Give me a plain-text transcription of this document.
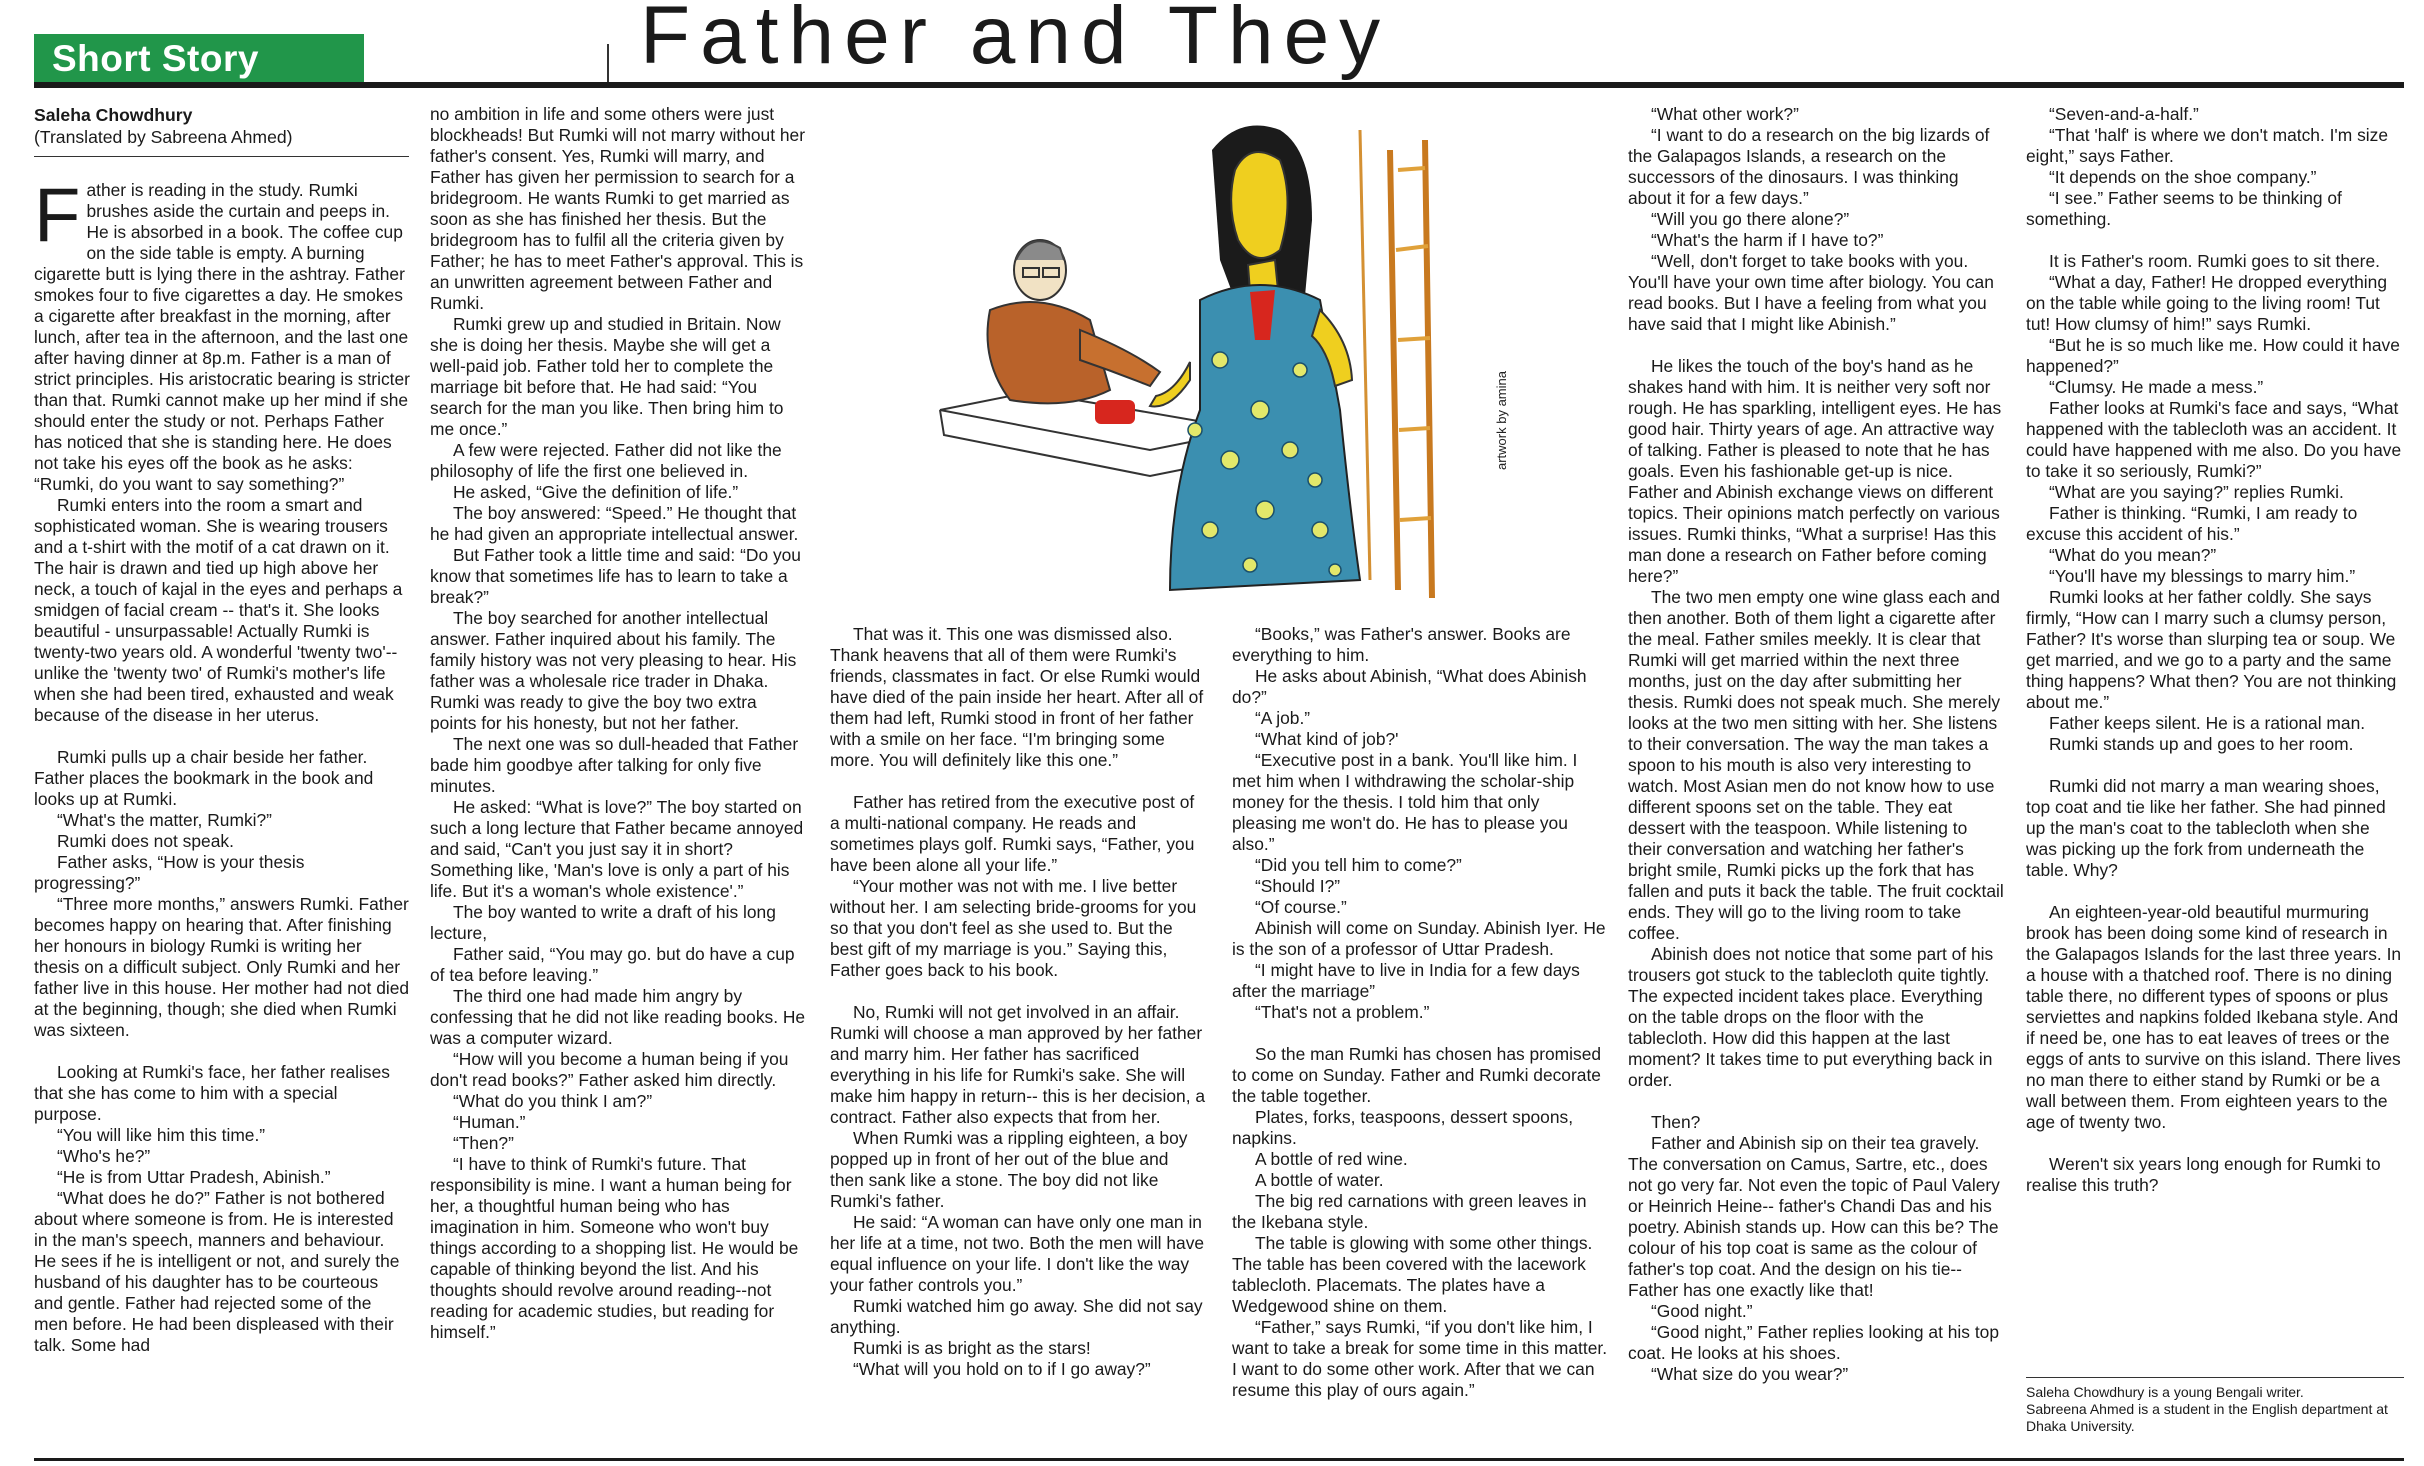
Short Story	Father and They
Saleha Chowdhury
(Translated by Sabreena Ahmed)
F ather is reading in the study. Rumki brushes aside the curtain and peeps in. He is absorbed in a book. The coffee cup on the side table is empty. A burning cigarette butt is lying there in the ashtray. Father smokes four to five cigarettes a day. He smokes a cigarette after breakfast in the morning, after lunch, after tea in the afternoon, and the last one after having dinner at 8p.m. Father is a man of strict principles. His aristocratic bearing is stricter than that. Rumki cannot make up her mind if she should enter the study or not. Perhaps Father has noticed that she is standing here. He does not take his eyes off the book as he asks: “Rumki, do you want to say something?”

Rumki enters into the room a smart and sophisticated woman. She is wearing trousers and a t-shirt with the motif of a cat drawn on it. The hair is drawn and tied up high above her neck, a touch of kajal in the eyes and perhaps a smidgen of facial cream -- that's it. She looks beautiful - unsurpassable! Actually Rumki is twenty-two years old. A wonderful 'twenty two'-- unlike the 'twenty two' of Rumki's mother's life when she had been tired, exhausted and weak because of the disease in her uterus.

Rumki pulls up a chair beside her father. Father places the bookmark in the book and looks up at Rumki.

“What's the matter, Rumki?”

Rumki does not speak.

Father asks, “How is your thesis progressing?”

“Three more months,” answers Rumki. Father becomes happy on hearing that. After finishing her honours in biology Rumki is writing her thesis on a difficult subject. Only Rumki and her father live in this house. Her mother had not died at the beginning, though; she died when Rumki was sixteen.

Looking at Rumki's face, her father realises that she has come to him with a special purpose.

“You will like him this time.”

“Who's he?”

“He is from Uttar Pradesh, Abinish.”

“What does he do?” Father is not bothered about where someone is from. He is interested in the man's speech, manners and behaviour. He sees if he is intelligent or not, and surely the husband of his daughter has to be courteous and gentle. Father had rejected some of the men before. He had been displeased with their talk. Some had

no ambition in life and some others were just blockheads! But Rumki will not marry without her father's consent. Yes, Rumki will marry, and Father has given her permission to search for a bridegroom. He wants Rumki to get married as soon as she has finished her thesis. But the bridegroom has to fulfil all the criteria given by Father; he has to meet Father's approval. This is an unwritten agreement between Father and Rumki.

Rumki grew up and studied in Britain. Now she is doing her thesis. Maybe she will get a well-paid job. Father told her to complete the marriage bit before that. He had said: “You search for the man you like. Then bring him to me once.”

A few were rejected. Father did not like the philosophy of life the first one believed in.

He asked, “Give the definition of life.”

The boy answered: “Speed.” He thought that he had given an appropriate intellectual answer.

But Father took a little time and said: “Do you know that sometimes life has to learn to take a break?”

The boy searched for another intellectual answer. Father inquired about his family. The family history was not very pleasing to hear. His father was a wholesale rice trader in Dhaka. Rumki was ready to give the boy two extra points for his honesty, but not her father.

The next one was so dull-headed that Father bade him goodbye after talking for only five minutes.

He asked: “What is love?” The boy started on such a long lecture that Father became annoyed and said, “Can't you just say it in short? Something like, 'Man's love is only a part of his life. But it's a woman's whole existence'.”

The boy wanted to write a draft of his long lecture,

Father said, “You may go. but do have a cup of tea before leaving.”

The third one had made him angry by confessing that he did not like reading books. He was a computer wizard.

“How will you become a human being if you don't read books?” Father asked him directly.

“What do you think I am?”

“Human.”

“Then?”

“I have to think of Rumki's future. That responsibility is mine. I want a human being for her, a thoughtful human being who has imagination in him. Someone who won't buy things according to a shopping list. He would be capable of thinking beyond the list. And his thoughts should revolve around reading--not reading for academic studies, but reading for himself.”

That was it. This one was dismissed also. Thank heavens that all of them were Rumki's friends, classmates in fact. Or else Rumki would have died of the pain inside her heart. After all of them had left, Rumki stood in front of her father with a smile on her face. “I'm bringing some more. You will definitely like this one.”

Father has retired from the executive post of a multi-national company. He reads and sometimes plays golf. Rumki says, “Father, you have been alone all your life.”

“Your mother was not with me. I live better without her. I am selecting bride-grooms for you so that you don't feel as she used to. But the best gift of my marriage is you.” Saying this, Father goes back to his book.

No, Rumki will not get involved in an affair. Rumki will choose a man approved by her father and marry him. Her father has sacrificed everything in his life for Rumki's sake. She will make him happy in return-- this is her decision, a contract. Father also expects that from her.

When Rumki was a rippling eighteen, a boy popped up in front of her out of the blue and then sank like a stone. The boy did not like Rumki's father.

He said: “A woman can have only one man in her life at a time, not two. Both the men will have equal influence on your life. I don't like the way your father controls you.”

Rumki watched him go away. She did not say anything.

Rumki is as bright as the stars!

“What will you hold on to if I go away?”

“Books,” was Father's answer. Books are everything to him.

He asks about Abinish, “What does Abinish do?”

“A job.”

“What kind of job?'

“Executive post in a bank. You'll like him. I met him when I withdrawing the scholar-ship money for the thesis. I told him that only pleasing me won't do. He has to please you also.”

“Did you tell him to come?”

“Should I?”

“Of course.”

Abinish will come on Sunday. Abinish Iyer. He is the son of a professor of Uttar Pradesh.

“I might have to live in India for a few days after the marriage”

“That's not a problem.”

So the man Rumki has chosen has promised to come on Sunday. Father and Rumki decorate the table together.

Plates, forks, teaspoons, dessert spoons, napkins.

A bottle of red wine.

A bottle of water.

The big red carnations with green leaves in the Ikebana style.

The table is glowing with some other things. The table has been covered with the lacework tablecloth. Placemats. The plates have a Wedgewood shine on them.

“Father,” says Rumki, “if you don't like him, I want to take a break for some time in this matter. I want to do some other work. After that we can resume this play of ours again.”

“What other work?”

“I want to do a research on the big lizards of the Galapagos Islands, a research on the successors of the dinosaurs. I was thinking about it for a few days.”

“Will you go there alone?”

“What's the harm if I have to?”

“Well, don't forget to take books with you. You'll have your own time after biology. You can read books. But I have a feeling from what you have said that I might like Abinish.”

He likes the touch of the boy's hand as he shakes hand with him. It is neither very soft nor rough. He has sparkling, intelligent eyes. He has good hair. Thirty years of age. An attractive way of talking. Father is pleased to note that he has goals. Even his fashionable get-up is nice. Father and Abinish exchange views on different topics. Their opinions match perfectly on various issues. Rumki thinks, “What a surprise! Has this man done a research on Father before coming here?”

The two men empty one wine glass each and then another. Both of them light a cigarette after the meal. Father smiles meekly. It is clear that Rumki will get married within the next three months, just on the day after submitting her thesis. Rumki does not speak much. She merely looks at the two men sitting with her. She listens to their conversation. The way the man takes a spoon to his mouth is also very interesting to watch. Most Asian men do not know how to use different spoons set on the table. They eat dessert with the teaspoon. While listening to their conversation and watching her father's bright smile, Rumki picks up the fork that has fallen and puts it back the table. The fruit cocktail ends. They will go to the living room to take coffee.

Abinish does not notice that some part of his trousers got stuck to the tablecloth quite tightly. The expected incident takes place. Everything on the table drops on the floor with the tablecloth. How did this happen at the last moment? It takes time to put everything back in order.

Then?

Father and Abinish sip on their tea gravely. The conversation on Camus, Sartre, etc., does not go very far. Not even the topic of Paul Valery or Heinrich Heine-- father's Chandi Das and his poetry. Abinish stands up. How can this be? The colour of his top coat is same as the colour of father's top coat. And the design on his tie--Father has one exactly like that!

“Good night.”

“Good night,” Father replies looking at his top coat. He looks at his shoes.

“What size do you wear?”

“Seven-and-a-half.”

“That 'half' is where we don't match. I'm size eight,” says Father.

“It depends on the shoe company.”

“I see.” Father seems to be thinking of something.

It is Father's room. Rumki goes to sit there.

“What a day, Father! He dropped everything on the table while going to the living room! Tut tut! How clumsy of him!” says Rumki.

“But he is so much like me. How could it have happened?”

“Clumsy. He made a mess.”

Father looks at Rumki's face and says, “What happened with the tablecloth was an accident. It could have happened with me also. Do you have to take it so seriously, Rumki?”

“What are you saying?” replies Rumki.

Father is thinking. “Rumki, I am ready to excuse this accident of his.”

“What do you mean?”

“You'll have my blessings to marry him.”

Rumki looks at her father coldly. She says firmly, “How can I marry such a clumsy person, Father? It's worse than slurping tea or soup. We get married, and we go to a party and the same thing happens? What then? You are not thinking about me.”

Father keeps silent. He is a rational man.

Rumki stands up and goes to her room.

Rumki did not marry a man wearing shoes, top coat and tie like her father. She had pinned up the man's coat to the tablecloth when she was picking up the fork from underneath the table. Why?

An eighteen-year-old beautiful murmuring brook has been doing some kind of research in the Galapagos Islands for the last three years. In a house with a thatched roof. There is no dining table there, no different types of spoons or plus serviettes and napkins folded Ikebana style. And if need be, one has to eat leaves of trees or the eggs of ants to survive on this island. There lives no man there to either stand by Rumki or be a wall between them. From eighteen years to the age of twenty two.

Weren't six years long enough for Rumki to realise this truth?

artwork by amina
Saleha Chowdhury is a young Bengali writer.
Sabreena Ahmed is a student in the English department at Dhaka University.
